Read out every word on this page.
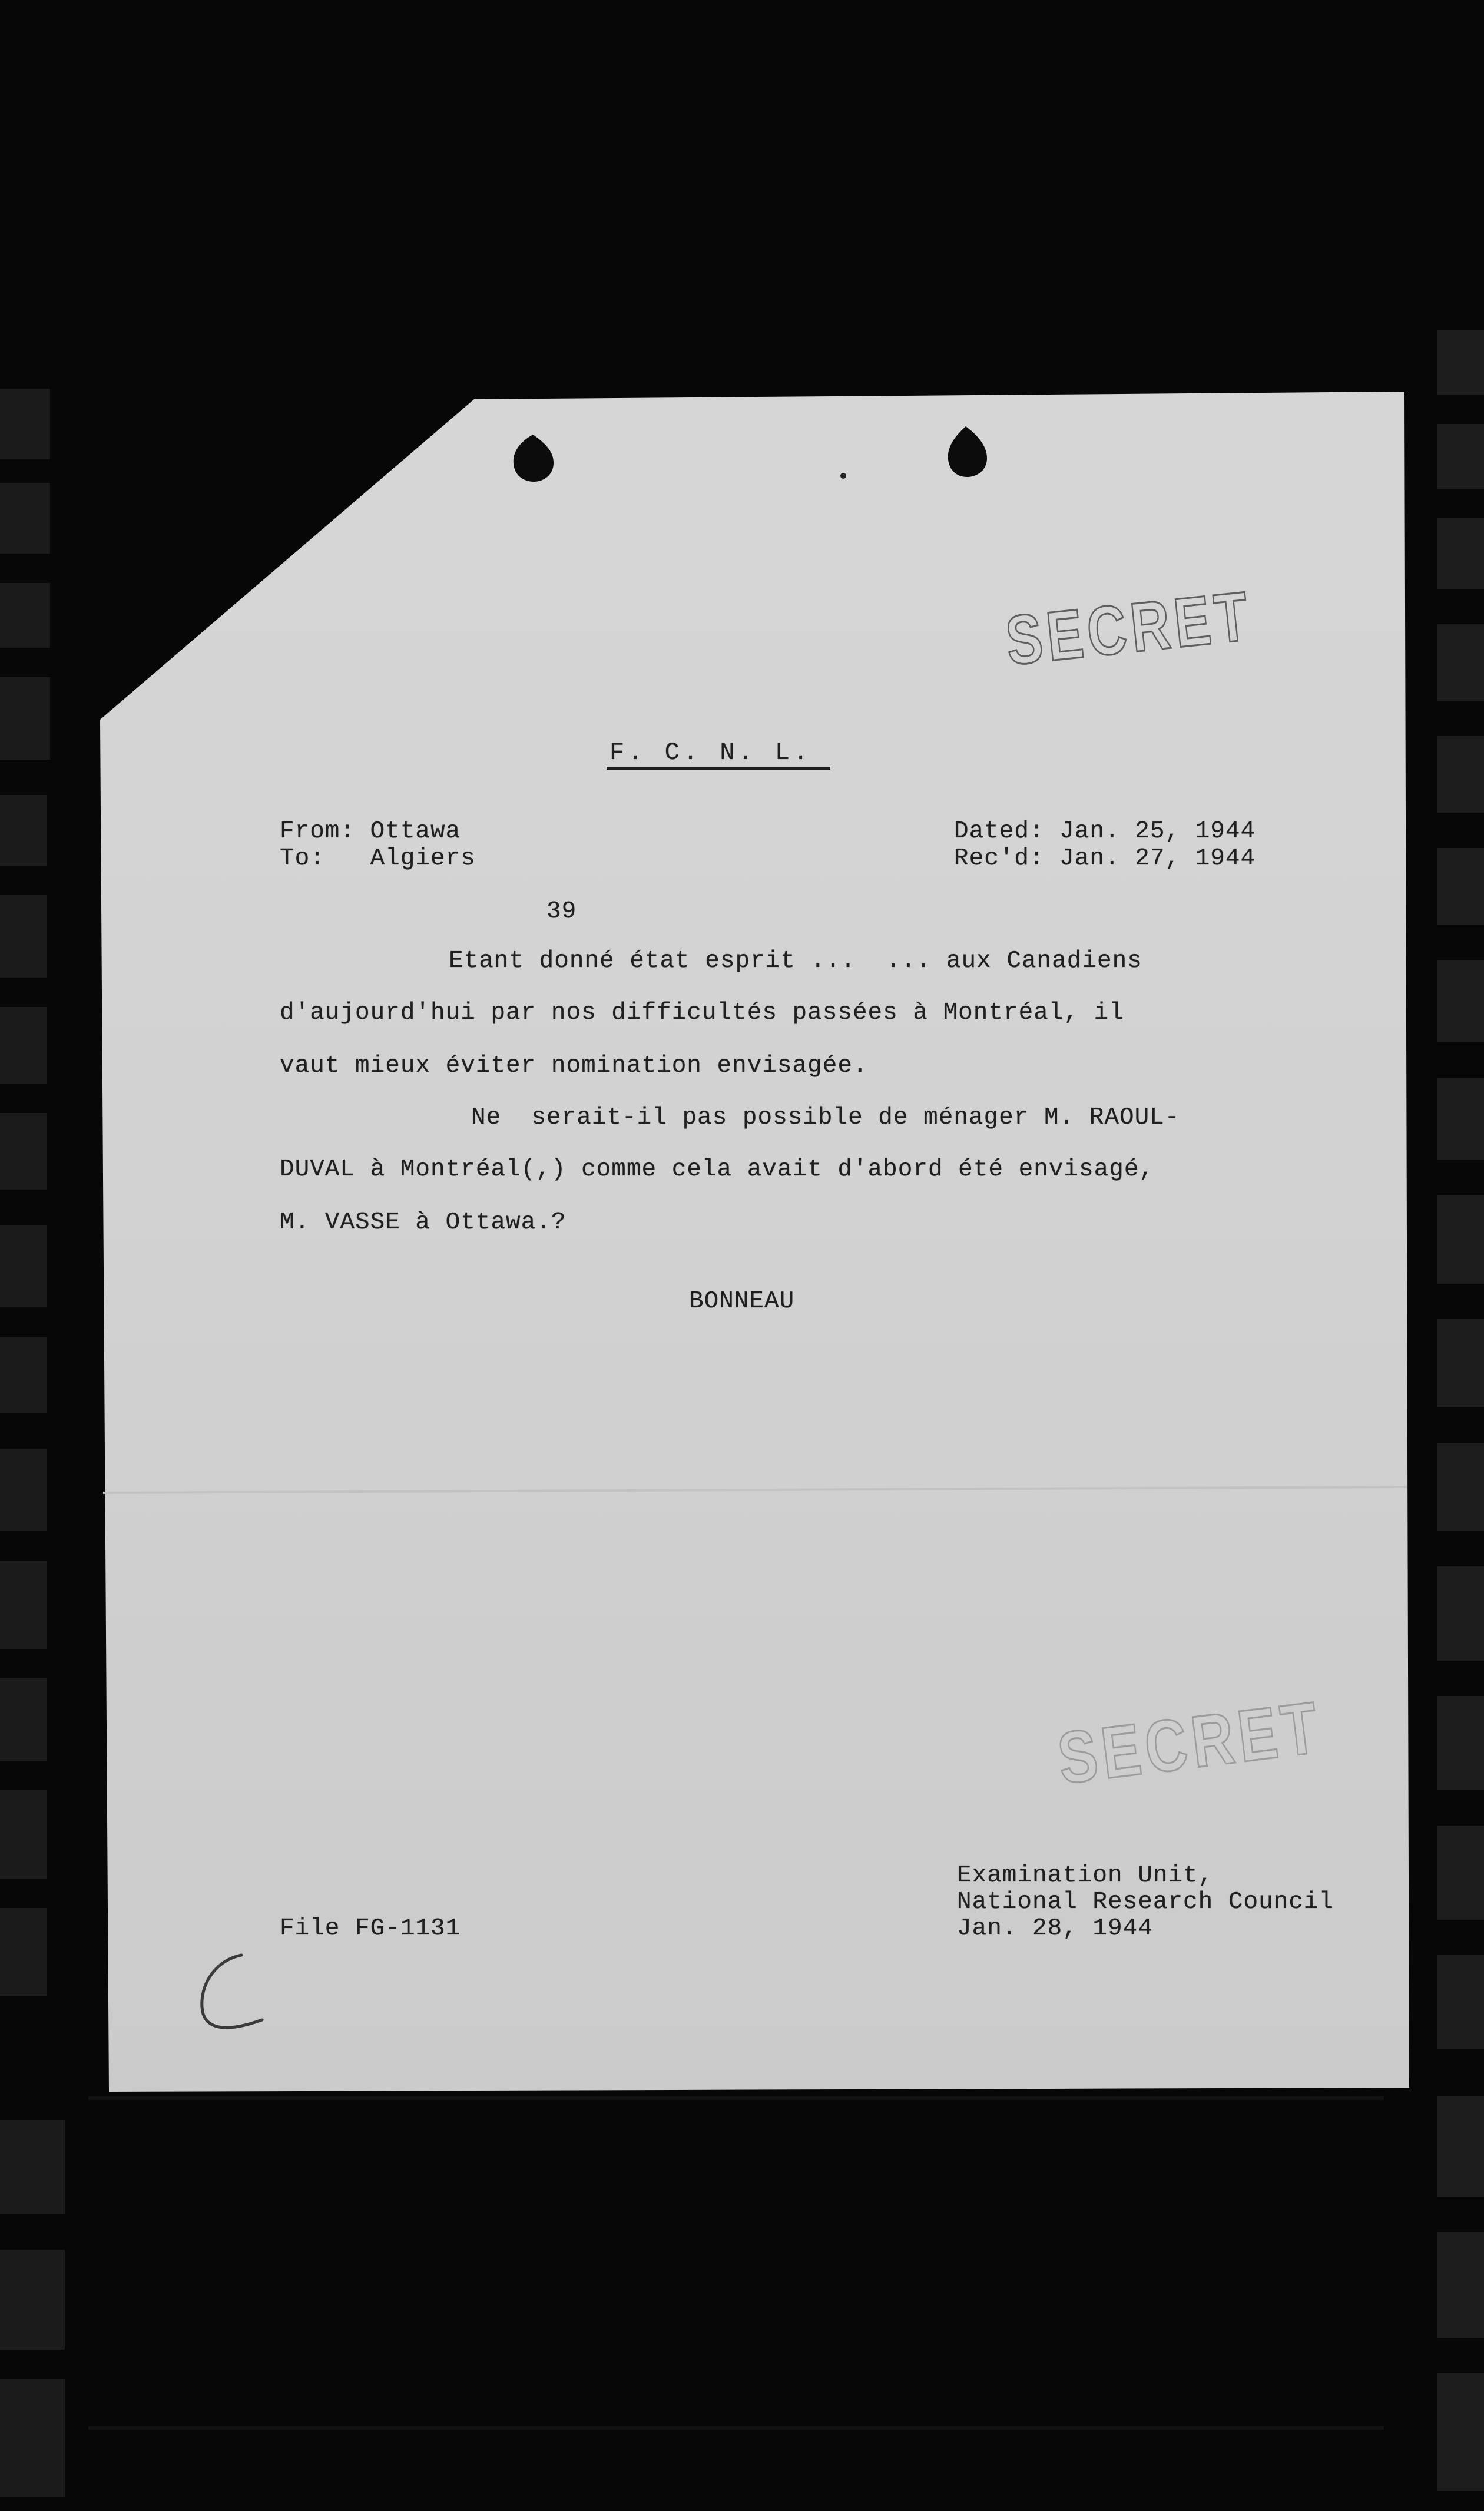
SECRET
SECRET
F. C. N. L.
From: Ottawa
To:   Algiers
Dated: Jan. 25, 1944
Rec'd: Jan. 27, 1944
39
Etant donné état esprit ...  ... aux Canadiens
d'aujourd'hui par nos difficultés passées à Montréal, il
vaut mieux éviter nomination envisagée.
Ne  serait-il pas possible de ménager M. RAOUL-
DUVAL à Montréal(,) comme cela avait d'abord été envisagé,
M. VASSE à Ottawa.?
BONNEAU
Examination Unit,
National Research Council
Jan. 28, 1944
File FG-1131
